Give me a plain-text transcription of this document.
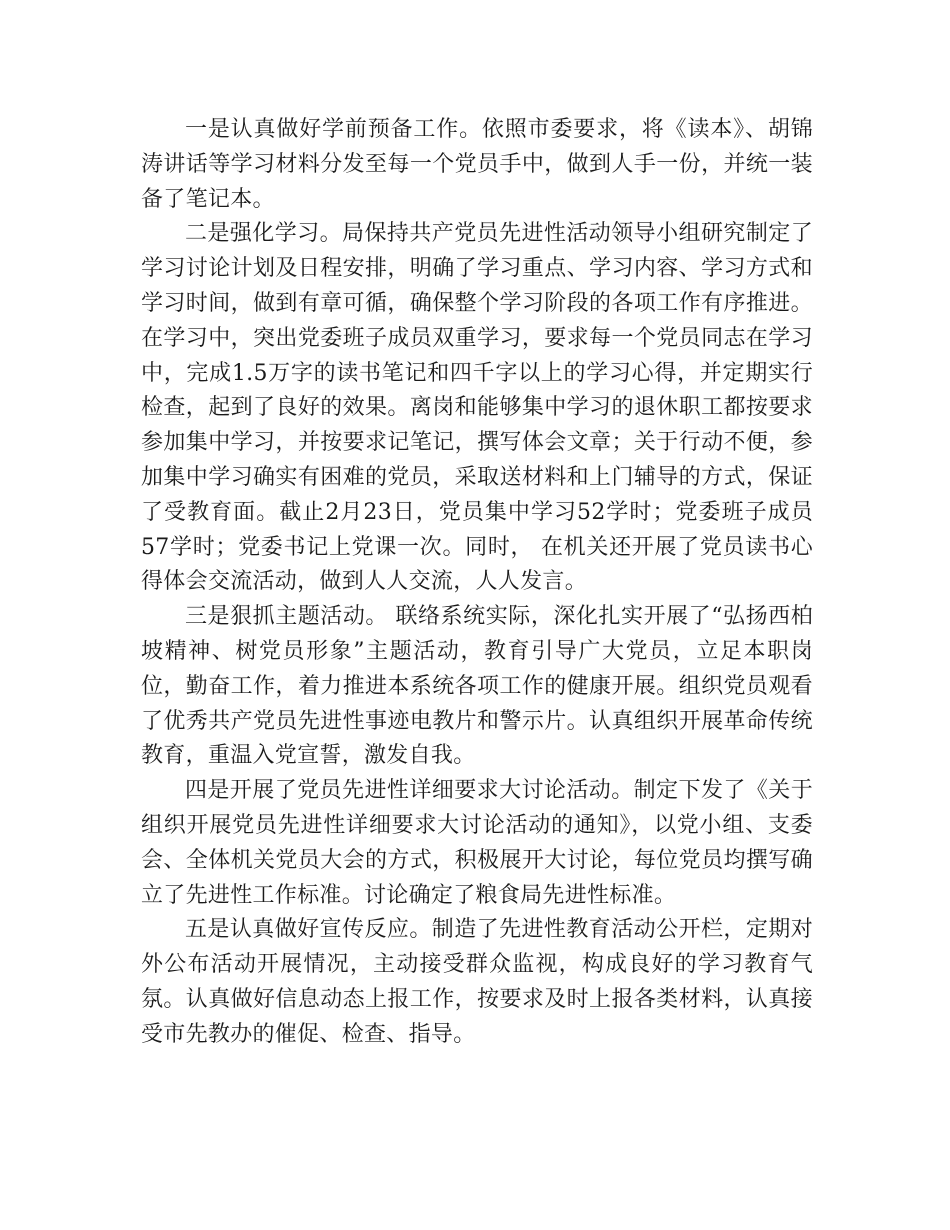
一是认真做好学前预备工作。依照市委要求，将《读本》、胡锦涛讲话等学习材料分发至每一个党员手中，做到人手一份，并统一装备了笔记本。

二是强化学习。局保持共产党员先进性活动领导小组研究制定了学习讨论计划及日程安排，明确了学习重点、学习内容、学习方式和学习时间，做到有章可循，确保整个学习阶段的各项工作有序推进。在学习中，突出党委班子成员双重学习，要求每一个党员同志在学习中，完成1.5万字的读书笔记和四千字以上的学习心得，并定期实行检查，起到了良好的效果。离岗和能够集中学习的退休职工都按要求参加集中学习，并按要求记笔记，撰写体会文章；关于行动不便，参加集中学习确实有困难的党员，采取送材料和上门辅导的方式，保证了受教育面。截止2月23日，党员集中学习52学时；党委班子成员57学时；党委书记上党课一次。同时， 在机关还开展了党员读书心得体会交流活动，做到人人交流，人人发言。

三是狠抓主题活动。 联络系统实际，深化扎实开展了“弘扬西柏坡精神、树党员形象”主题活动，教育引导广大党员，立足本职岗位，勤奋工作，着力推进本系统各项工作的健康开展。组织党员观看了优秀共产党员先进性事迹电教片和警示片。认真组织开展革命传统教育，重温入党宣誓，激发自我。

四是开展了党员先进性详细要求大讨论活动。制定下发了《关于组织开展党员先进性详细要求大讨论活动的通知》，以党小组、支委会、全体机关党员大会的方式，积极展开大讨论，每位党员均撰写确立了先进性工作标准。讨论确定了粮食局先进性标准。

五是认真做好宣传反应。制造了先进性教育活动公开栏，定期对外公布活动开展情况，主动接受群众监视，构成良好的学习教育气氛。认真做好信息动态上报工作，按要求及时上报各类材料，认真接受市先教办的催促、检查、指导。
